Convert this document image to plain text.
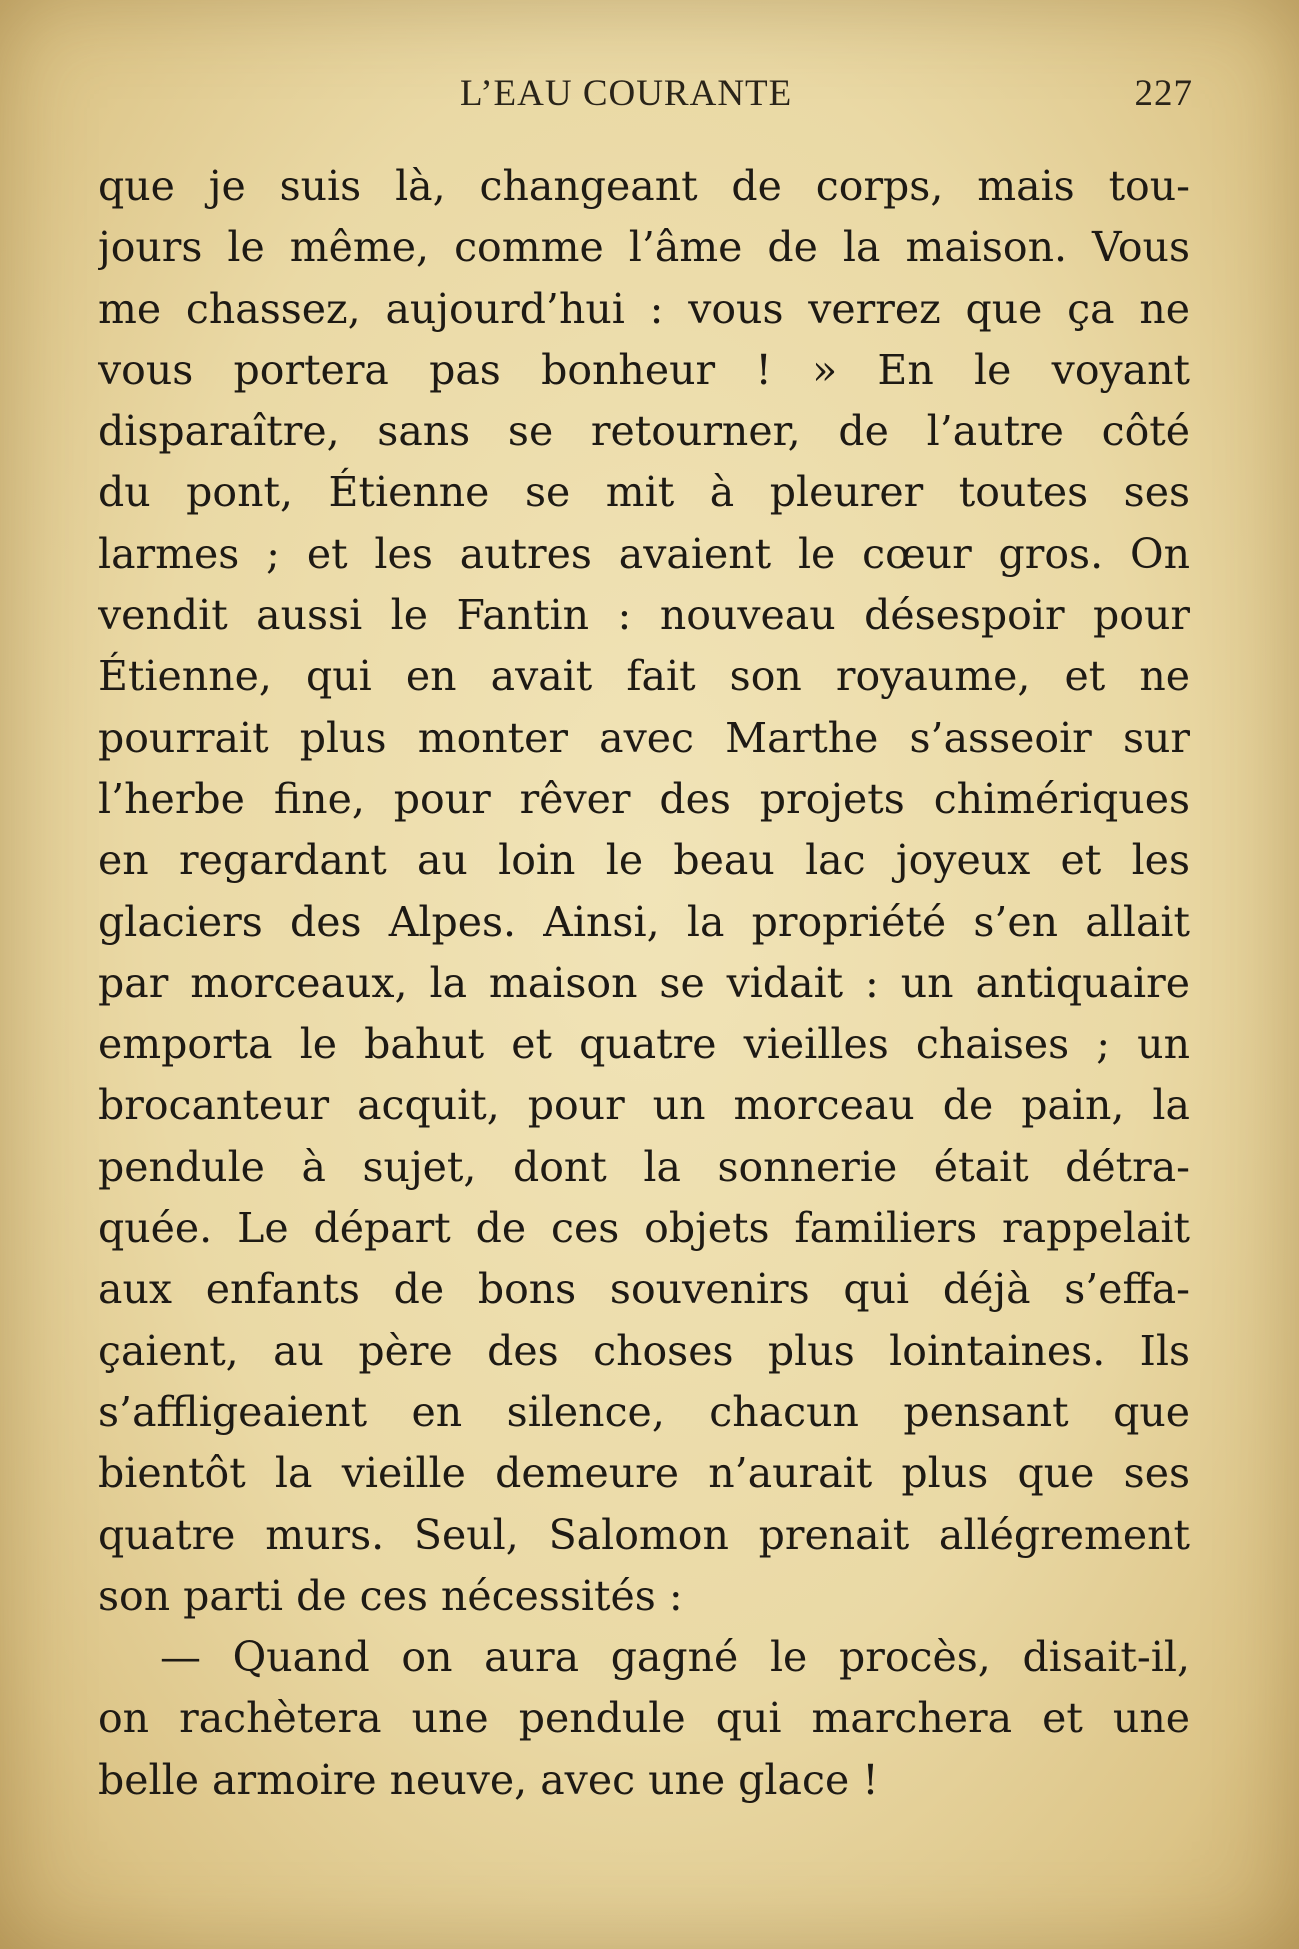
L’EAU COURANTE	227
que je suis là, changeant de corps, mais tou-
jours le même, comme l’âme de la maison. Vous
me chassez, aujourd’hui : vous verrez que ça ne
vous portera pas bonheur ! » En le voyant
disparaître, sans se retourner, de l’autre côté
du pont, Étienne se mit à pleurer toutes ses
larmes ; et les autres avaient le cœur gros. On
vendit aussi le Fantin : nouveau désespoir pour
Étienne, qui en avait fait son royaume, et ne
pourrait plus monter avec Marthe s’asseoir sur
l’herbe fine, pour rêver des projets chimériques
en regardant au loin le beau lac joyeux et les
glaciers des Alpes. Ainsi, la propriété s’en allait
par morceaux, la maison se vidait : un antiquaire
emporta le bahut et quatre vieilles chaises ; un
brocanteur acquit, pour un morceau de pain, la
pendule à sujet, dont la sonnerie était détra-
quée. Le départ de ces objets familiers rappelait
aux enfants de bons souvenirs qui déjà s’effa-
çaient, au père des choses plus lointaines. Ils
s’affligeaient en silence, chacun pensant que
bientôt la vieille demeure n’aurait plus que ses
quatre murs. Seul, Salomon prenait allégrement
son parti de ces nécessités :
— Quand on aura gagné le procès, disait-il,
on rachètera une pendule qui marchera et une
belle armoire neuve, avec une glace !
